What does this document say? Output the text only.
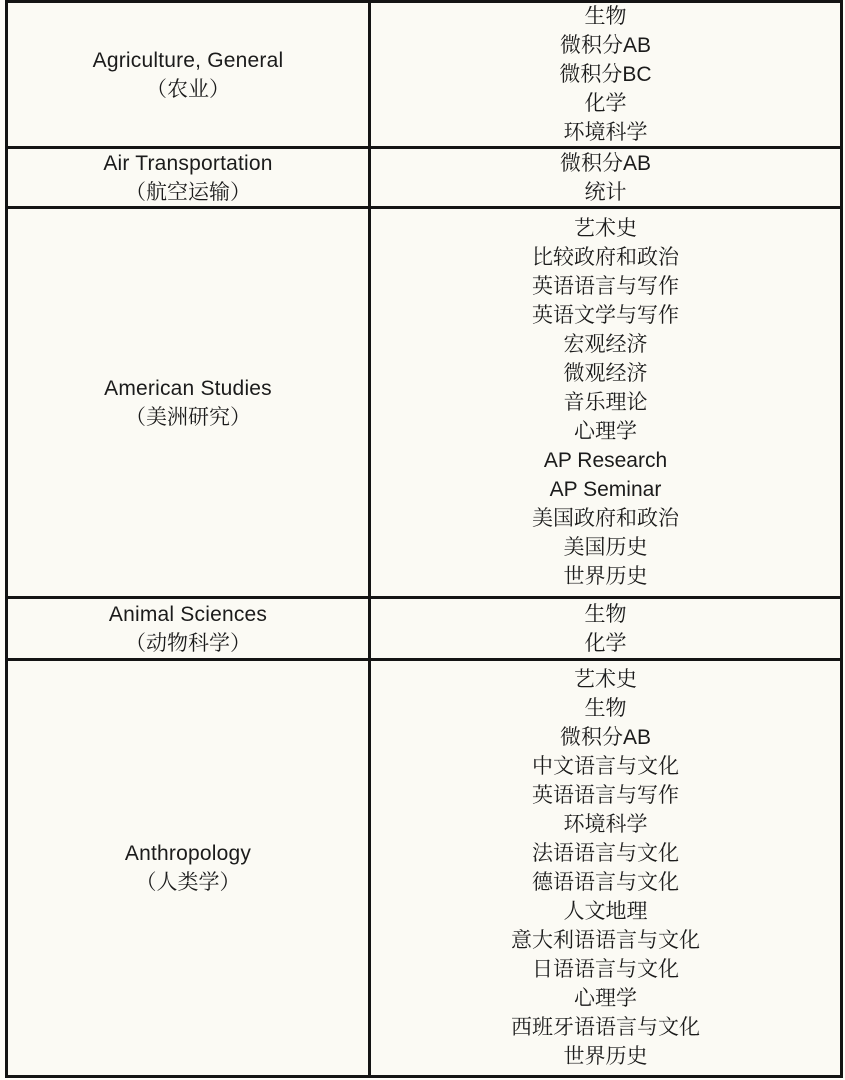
Agriculture, General
（农业）
生物
微积分AB
微积分BC
化学
环境科学
Air Transportation
（航空运输）
微积分AB
统计
American Studies
（美洲研究）
艺术史
比较政府和政治
英语语言与写作
英语文学与写作
宏观经济
微观经济
音乐理论
心理学
AP Research
AP Seminar
美国政府和政治
美国历史
世界历史
Animal Sciences
（动物科学）
生物
化学
Anthropology
（人类学）
艺术史
生物
微积分AB
中文语言与文化
英语语言与写作
环境科学
法语语言与文化
德语语言与文化
人文地理
意大利语语言与文化
日语语言与文化
心理学
西班牙语语言与文化
世界历史
